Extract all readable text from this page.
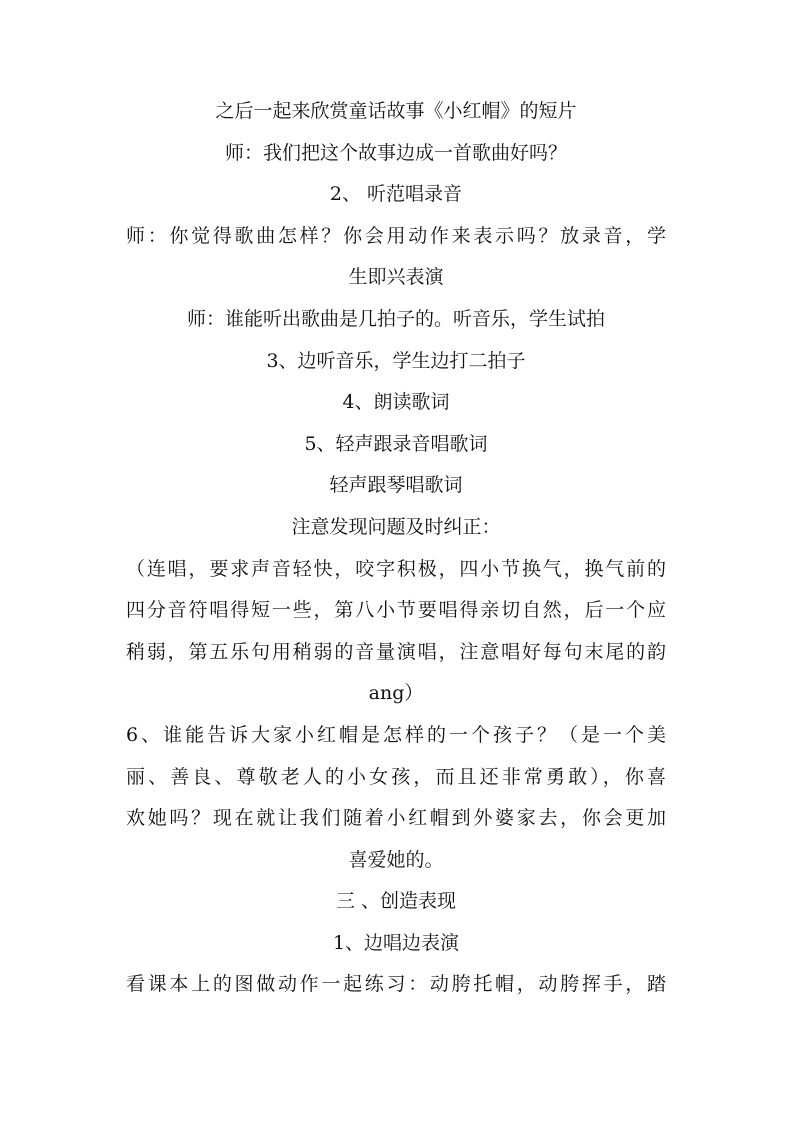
之后一起来欣赏童话故事《小红帽》的短片

师：我们把这个故事边成一首歌曲好吗？

2、 听范唱录音

师：你觉得歌曲怎样？你会用动作来表示吗？放录音，学

生即兴表演

师：谁能听出歌曲是几拍子的。听音乐，学生试拍

3、边听音乐，学生边打二拍子

4、朗读歌词

5、轻声跟录音唱歌词

轻声跟琴唱歌词

注意发现问题及时纠正：

（连唱，要求声音轻快，咬字积极，四小节换气，换气前的

四分音符唱得短一些，第八小节要唱得亲切自然，后一个应

稍弱，第五乐句用稍弱的音量演唱，注意唱好每句末尾的韵

ang）

6、谁能告诉大家小红帽是怎样的一个孩子？（是一个美

丽、善良、尊敬老人的小女孩，而且还非常勇敢），你喜

欢她吗？现在就让我们随着小红帽到外婆家去，你会更加

喜爱她的。

三 、创造表现

1、边唱边表演

看课本上的图做动作一起练习：动胯托帽，动胯挥手，踏
